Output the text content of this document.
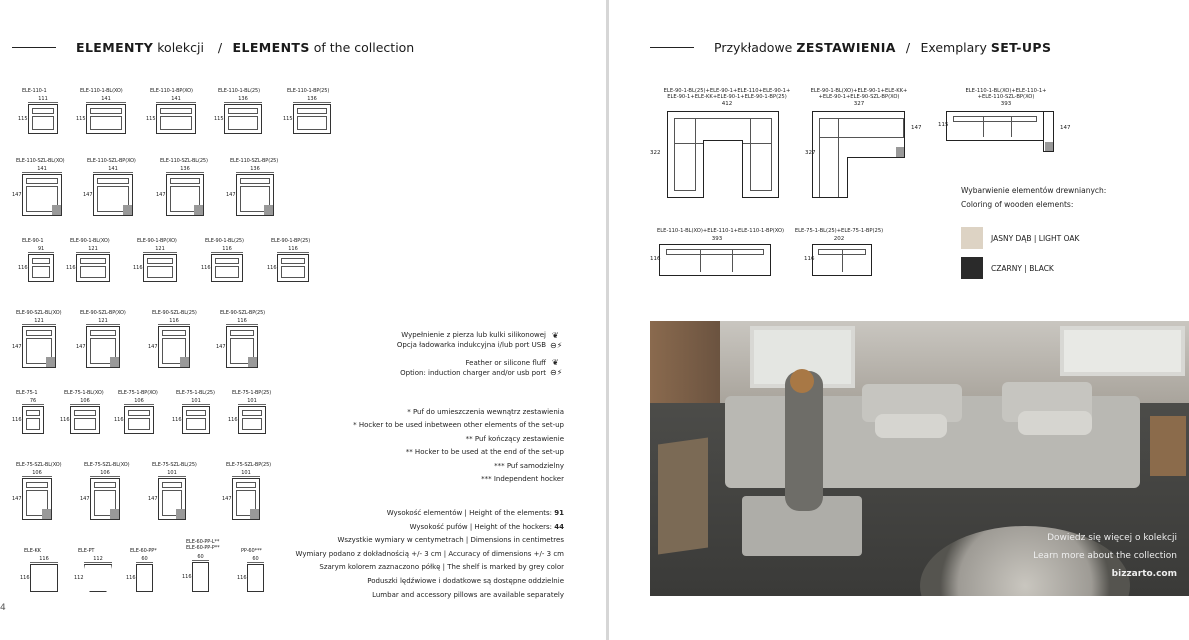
ELEMENTY
kolekcji / ELEMENTS
of the collection
ELE-110-1
111
115
ELE-110-1-BL(XO)
141
115
ELE-110-1-BP(XO)
141
115
ELE-110-1-BL(25)
136
115
ELE-110-1-BP(25)
136
115
ELE-110-SZL-BL(XO)
141
147
ELE-110-SZL-BP(XO)
141
147
ELE-110-SZL-BL(25)
136
147
ELE-110-SZL-BP(25)
136
147
ELE-90-1
91
116
ELE-90-1-BL(XO)
121
116
ELE-90-1-BP(XO)
121
116
ELE-90-1-BL(25)
116
116
ELE-90-1-BP(25)
116
116
ELE-90-SZL-BL(XO)
121
147
ELE-90-SZL-BP(XO)
121
147
ELE-90-SZL-BL(25)
116
147
ELE-90-SZL-BP(25)
116
147
ELE-75-1
76
116
ELE-75-1-BL(XO)
106
116
ELE-75-1-BP(XO)
106
116
ELE-75-1-BL(25)
101
116
ELE-75-1-BP(25)
101
116
ELE-75-SZL-BL(XO)
106
147
ELE-75-SZL-BL(XO)
106
147
ELE-75-SZL-BL(25)
101
147
ELE-75-SZL-BP(25)
101
147
ELE-KK
116
116
ELE-PT
112
112
ELE-60-PP*
60
116
ELE-60-PP-L** ELE-60-PP-P**
60
116
PP-60***
60
116
Wypełnienie z pierza lub kulki silikonowej
Opcja ładowarka indukcyjna i/lub port USB
❦
⊖⚡
Feather or silicone fluff
Option: induction charger and/or usb port
❦
⊖⚡
* Puf do umieszczenia wewnątrz zestawienia
* Hocker to be used inbetween other elements of the set-up
** Puf kończący zestawienie
** Hocker to be used at the end of the set-up
*** Puf samodzielny
*** Independent hocker
Wysokość elementów | Height of the elements: 91
Wysokość pufów | Height of the hockers: 44
Wszystkie wymiary w centymetrach | Dimensions in centimetres
Wymiary podano z dokładnością +/- 3 cm | Accuracy of dimensions +/- 3 cm
Szarym kolorem zaznaczono półkę | The shelf is marked by grey color
Poduszki lędźwiowe i dodatkowe są dostępne oddzielnie
Lumbar and accessory pillows are available separately
4
Przykładowe ZESTAWIENIA / Exemplary SET-UPS
ELE-90-1-BL(25)+ELE-90-1+ELE-110+ELE-90-1+
ELE-90-1+ELE-KK+ELE-90-1+ELE-90-1-BP(25)
412
322
ELE-90-1-BL(XO)+ELE-90-1+ELE-KK+
+ELE-90-1+ELE-90-SZL-BP(XO)
327
327
147
ELE-110-1-BL(XO)+ELE-110-1+
+ELE-110-SZL-BP(XO)
393
115	147
ELE-110-1-BL(XO)+ELE-110-1+ELE-110-1-BP(XO)
393
116
ELE-75-1-BL(25)+ELE-75-1-BP(25)
202
116
Wybarwienie elementów drewnianych:
Coloring of wooden elements:
JASNY DĄB | LIGHT OAK
CZARNY | BLACK
Dowiedz się więcej o kolekcji
Learn more about the collection
bizzarto.com
